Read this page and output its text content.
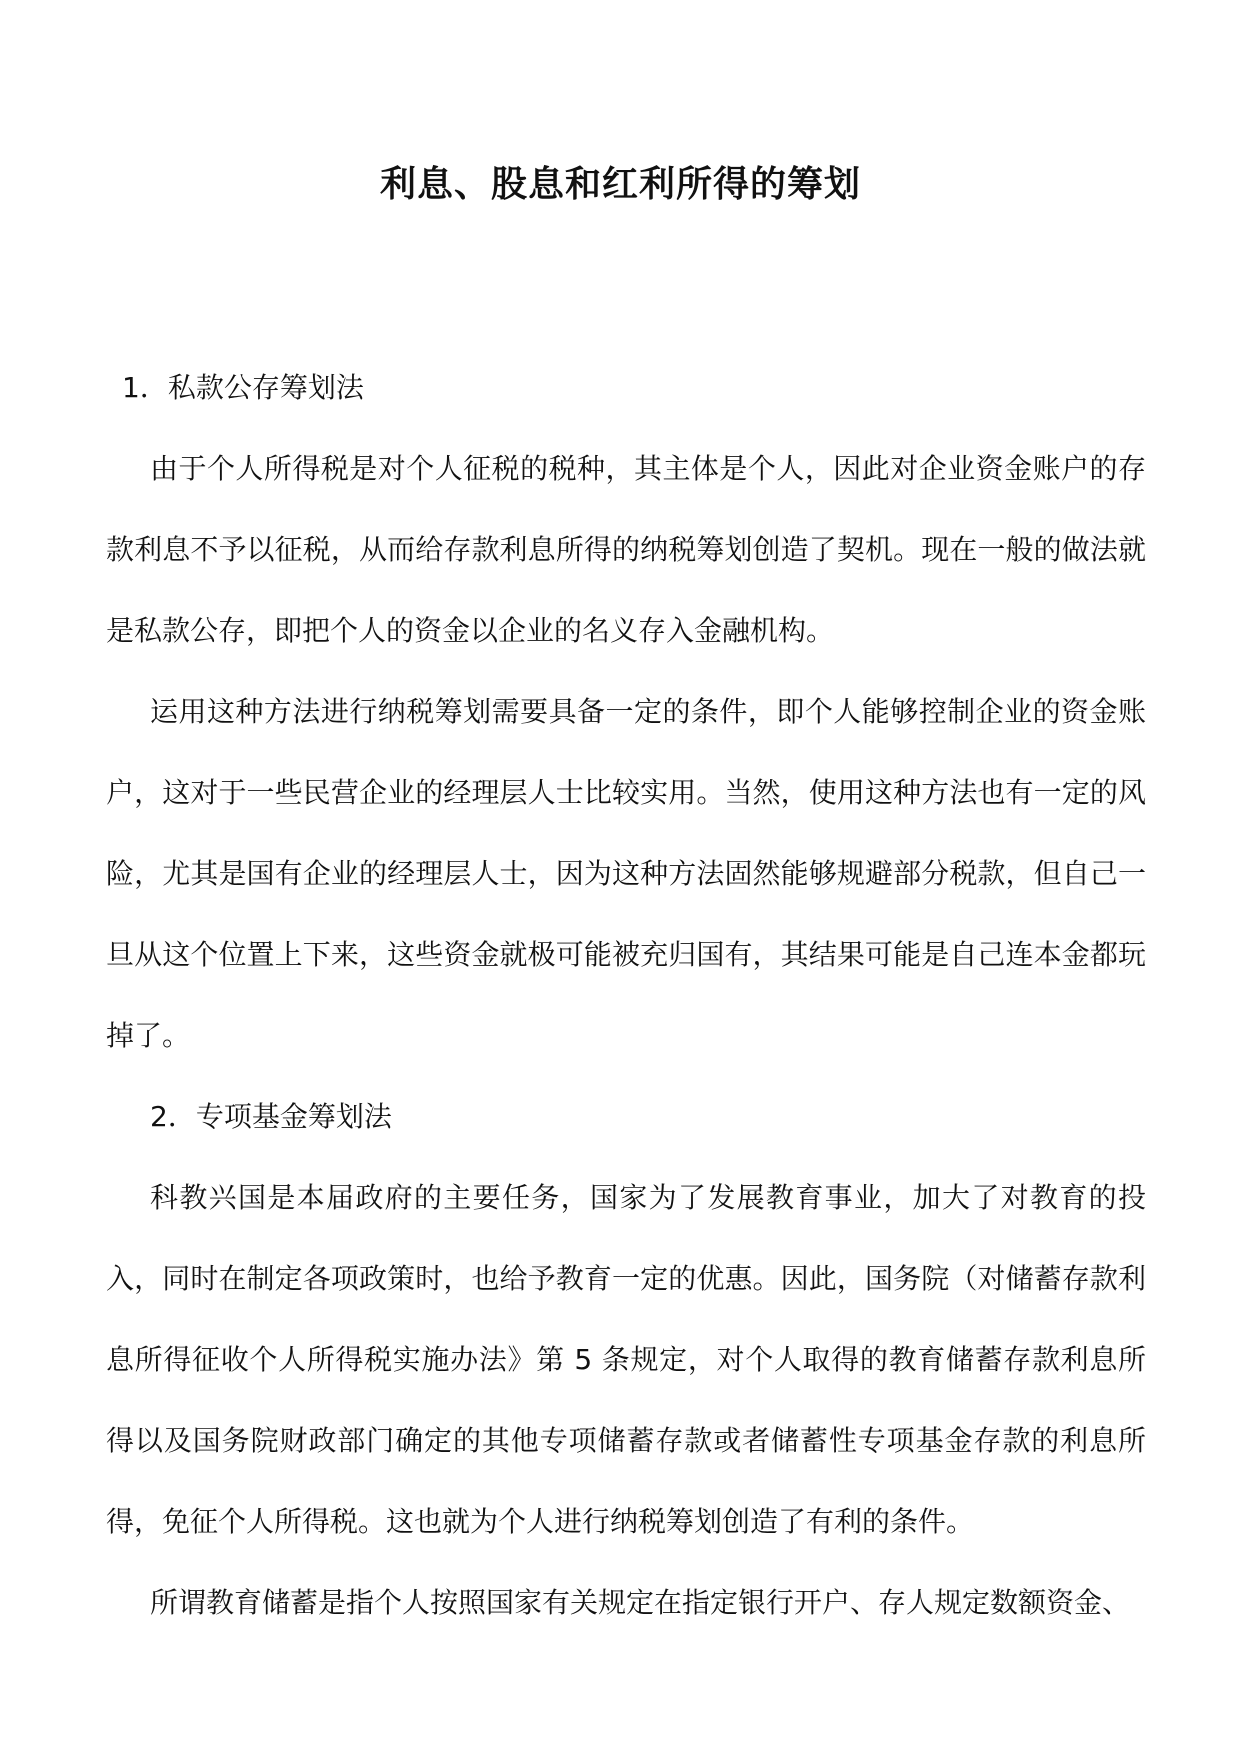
利息、股息和红利所得的筹划

1．私款公存筹划法

由于个人所得税是对个人征税的税种，其主体是个人，因此对企业资金账户的存款利息不予以征税，从而给存款利息所得的纳税筹划创造了契机。现在一般的做法就是私款公存，即把个人的资金以企业的名义存入金融机构。

运用这种方法进行纳税筹划需要具备一定的条件，即个人能够控制企业的资金账户，这对于一些民营企业的经理层人士比较实用。当然，使用这种方法也有一定的风险，尤其是国有企业的经理层人士，因为这种方法固然能够规避部分税款，但自己一旦从这个位置上下来，这些资金就极可能被充归国有，其结果可能是自己连本金都玩掉了。

2．专项基金筹划法

科教兴国是本届政府的主要任务，国家为了发展教育事业，加大了对教育的投入，同时在制定各项政策时，也给予教育一定的优惠。因此，国务院（对储蓄存款利息所得征收个人所得税实施办法》第 5 条规定，对个人取得的教育储蓄存款利息所得以及国务院财政部门确定的其他专项储蓄存款或者储蓄性专项基金存款的利息所得，免征个人所得税。这也就为个人进行纳税筹划创造了有利的条件。

所谓教育储蓄是指个人按照国家有关规定在指定银行开户、存人规定数额资金、
